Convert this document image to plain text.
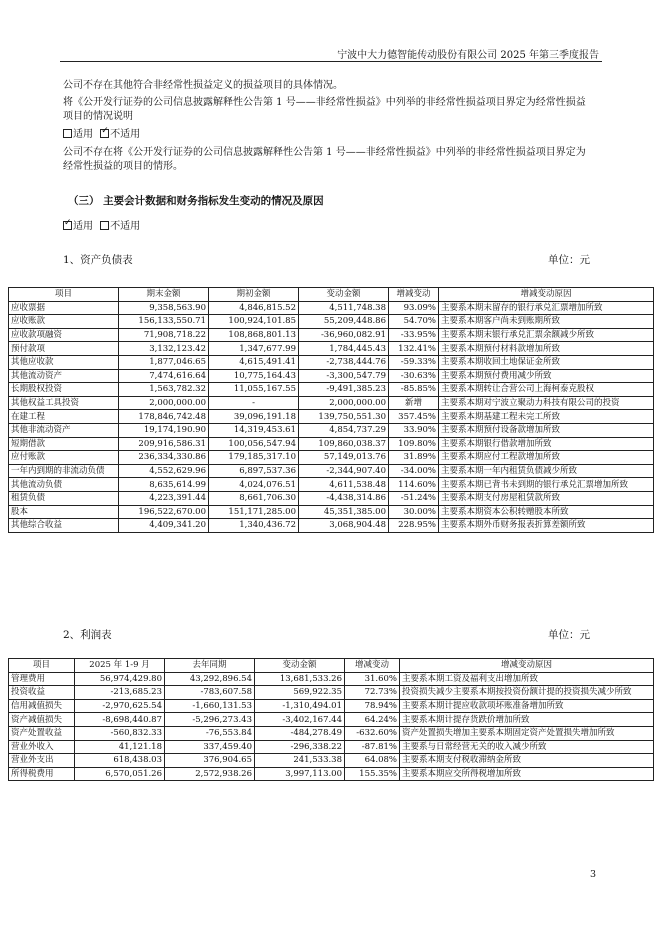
宁波中大力德智能传动股份有限公司 2025 年第三季度报告
公司不存在其他符合非经常性损益定义的损益项目的具体情况。
将《公开发行证券的公司信息披露解释性公告第 1 号——非经常性损益》中列举的非经常性损益项目界定为经常性损益
项目的情况说明
适用 ✓ 不适用
公司不存在将《公开发行证券的公司信息披露解释性公告第 1 号——非经常性损益》中列举的非经常性损益项目界定为
经常性损益的项目的情形。
（三） 主要会计数据和财务指标发生变动的情况及原因
✓适用 不适用
1、资产负债表	单位：元
项目	期末金额	期初金额	变动金额	增减变动	增减变动原因
应收票据	9,358,563.90	4,846,815.52	4,511,748.38	93.09%	主要系本期末留存的银行承兑汇票增加所致
应收账款	156,133,550.71	100,924,101.85	55,209,448.86	54.70%	主要系本期客户尚未到账期所致
应收款项融资	71,908,718.22	108,868,801.13	-36,960,082.91	-33.95%	主要系本期末银行承兑汇票余额减少所致
预付款项	3,132,123.42	1,347,677.99	1,784,445.43	132.41%	主要系本期预付材料款增加所致
其他应收款	1,877,046.65	4,615,491.41	-2,738,444.76	-59.33%	主要系本期收回土地保证金所致
其他流动资产	7,474,616.64	10,775,164.43	-3,300,547.79	-30.63%	主要系本期预付费用减少所致
长期股权投资	1,563,782.32	11,055,167.55	-9,491,385.23	-85.85%	主要系本期转让合营公司上海柯泰克股权
其他权益工具投资	2,000,000.00	-	2,000,000.00	新增	主要系本期对宁波立聚动力科技有限公司的投资
在建工程	178,846,742.48	39,096,191.18	139,750,551.30	357.45%	主要系本期基建工程未完工所致
其他非流动资产	19,174,190.90	14,319,453.61	4,854,737.29	33.90%	主要系本期预付设备款增加所致
短期借款	209,916,586.31	100,056,547.94	109,860,038.37	109.80%	主要系本期银行借款增加所致
应付账款	236,334,330.86	179,185,317.10	57,149,013.76	31.89%	主要系本期应付工程款增加所致
一年内到期的非流动负债	4,552,629.96	6,897,537.36	-2,344,907.40	-34.00%	主要系本期一年内租赁负债减少所致
其他流动负债	8,635,614.99	4,024,076.51	4,611,538.48	114.60%	主要系本期已背书未到期的银行承兑汇票增加所致
租赁负债	4,223,391.44	8,661,706.30	-4,438,314.86	-51.24%	主要系本期支付房屋租赁款所致
股本	196,522,670.00	151,171,285.00	45,351,385.00	30.00%	主要系本期资本公积转赠股本所致
其他综合收益	4,409,341.20	1,340,436.72	3,068,904.48	228.95%	主要系本期外币财务报表折算差额所致
2、利润表	单位：元
项目	2025 年 1-9 月	去年同期	变动金额	增减变动	增减变动原因
管理费用	56,974,429.80	43,292,896.54	13,681,533.26	31.60%	主要系本期工资及福利支出增加所致
投资收益	-213,685.23	-783,607.58	569,922.35	72.73%	投资损失减少主要系本期按投资份额计提的投资损失减少所致
信用减值损失	-2,970,625.54	-1,660,131.53	-1,310,494.01	78.94%	主要系本期计提应收款项坏账准备增加所致
资产减值损失	-8,698,440.87	-5,296,273.43	-3,402,167.44	64.24%	主要系本期计提存货跌价增加所致
资产处置收益	-560,832.33	-76,553.84	-484,278.49	-632.60%	资产处置损失增加主要系本期固定资产处置损失增加所致
营业外收入	41,121.18	337,459.40	-296,338.22	-87.81%	主要系与日常经营无关的收入减少所致
营业外支出	618,438.03	376,904.65	241,533.38	64.08%	主要系本期支付税收滞纳金所致
所得税费用	6,570,051.26	2,572,938.26	3,997,113.00	155.35%	主要系本期应交所得税增加所致
3
